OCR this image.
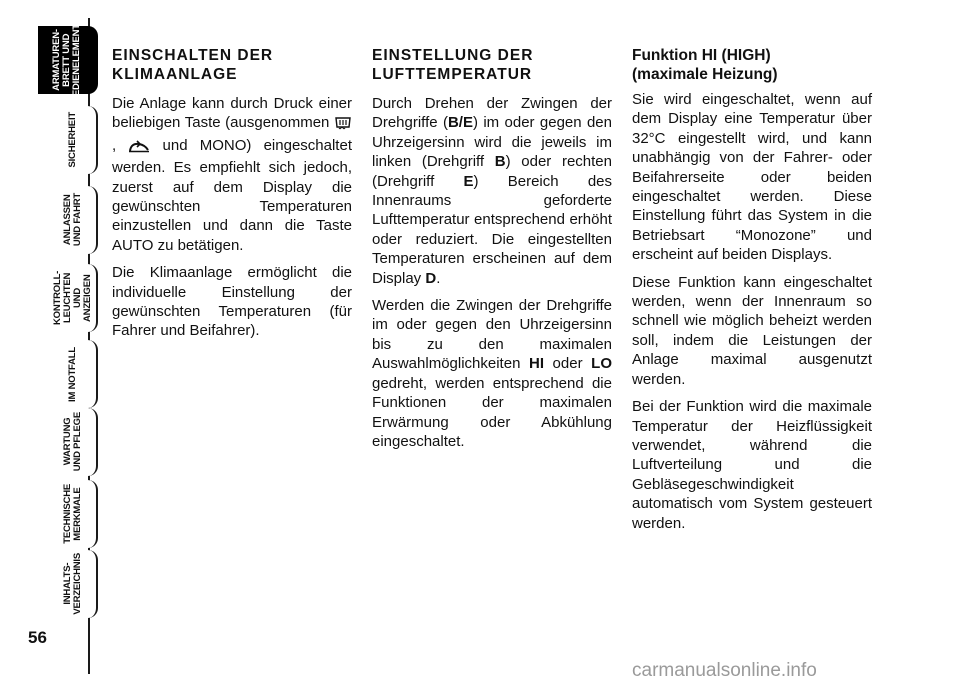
ARMATUREN-
BRETT UND
BEDIENELEMENTE
SICHERHEIT
ANLASSEN
UND FAHRT
KONTROLL-
LEUCHTEN
UND ANZEIGEN
IM NOTFALL
WARTUNG
UND PFLEGE
TECHNISCHE
MERKMALE
INHALTS-
VERZEICHNIS
56
EINSCHALTEN DER KLIMAANLAGE

Die Anlage kann durch Druck einer beliebigen Taste (ausgenommen ,  und MONO) eingeschaltet werden. Es empfiehlt sich jedoch, zuerst auf dem Display die gewünschten Temperaturen einzustellen und dann die Taste AUTO zu betätigen.

Die Klimaanlage ermöglicht die individuelle Einstellung der gewünschten Temperaturen (für Fahrer und Beifahrer).

EINSTELLUNG DER LUFTTEMPERATUR

Durch Drehen der Zwingen der Drehgriffe (B/E) im oder gegen den Uhrzeigersinn wird die jeweils im linken (Drehgriff B) oder rechten (Drehgriff E) Bereich des Innenraums geforderte Lufttemperatur entsprechend erhöht oder reduziert. Die eingestellten Temperaturen erscheinen auf dem Display D.

Werden die Zwingen der Drehgriffe im oder gegen den Uhrzeigersinn bis zu den maximalen Auswahlmöglichkeiten HI oder LO gedreht, werden entsprechend die Funktionen der maximalen Erwärmung oder Abkühlung eingeschaltet.

Funktion HI (HIGH)
(maximale Heizung)

Sie wird eingeschaltet, wenn auf dem Display eine Temperatur über 32°C eingestellt wird, und kann unabhängig von der Fahrer- oder Beifahrerseite oder beiden eingeschaltet werden. Diese Einstellung führt das System in die Betriebsart “Monozone” und erscheint auf beiden Displays.

Diese Funktion kann eingeschaltet werden, wenn der Innenraum so schnell wie möglich beheizt werden soll, indem die Leistungen der Anlage maximal ausgenutzt werden.

Bei der Funktion wird die maximale Temperatur der Heizflüssigkeit verwendet, während die Luftverteilung und die Gebläsegeschwindigkeit automatisch vom System gesteuert werden.

carmanualsonline.info
